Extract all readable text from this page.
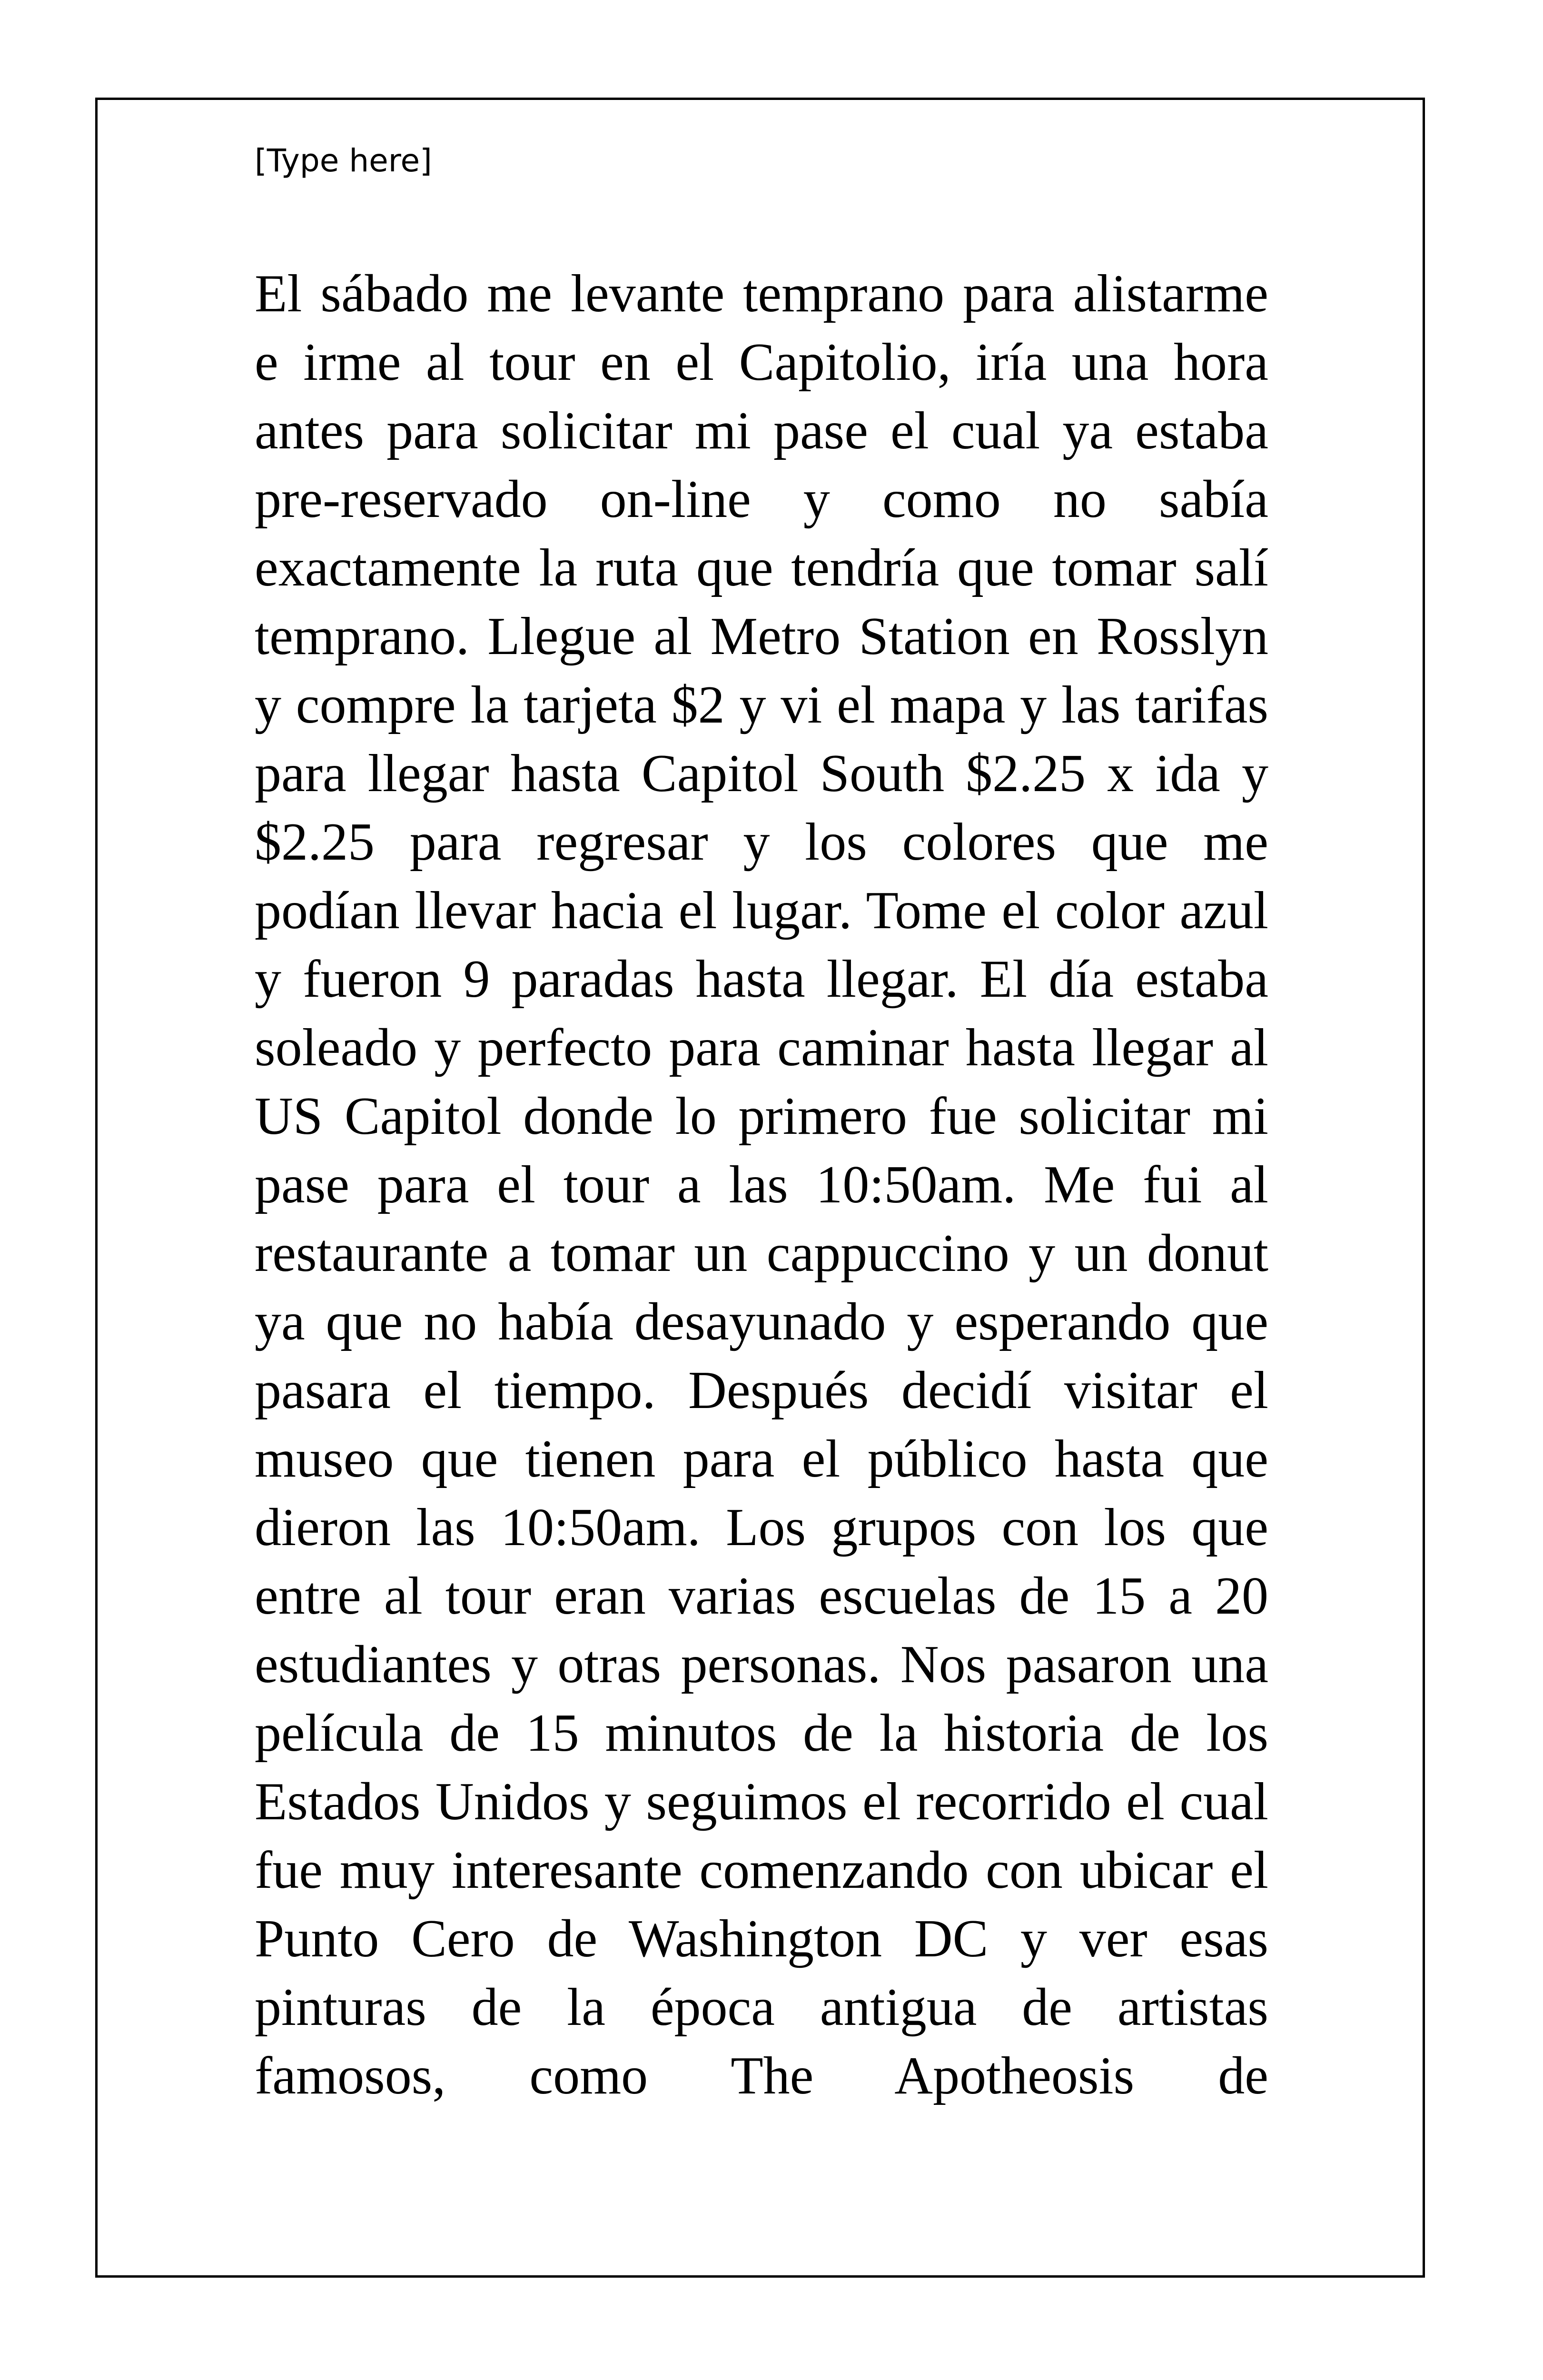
[Type here]

El sábado me levante temprano para alistarme e irme al tour en el Capitolio, iría una hora antes para solicitar mi pase el cual ya estaba pre-reservado on-line y como no sabía exactamente la ruta que tendría que tomar salí temprano. Llegue al Metro Station en Rosslyn y compre la tarjeta $2 y vi el mapa y las tarifas para llegar hasta Capitol South $2.25 x ida y $2.25 para regresar y los colores que me podían llevar hacia el lugar. Tome el color azul y fueron 9 paradas hasta llegar. El día estaba soleado y perfecto para caminar hasta llegar al US Capitol donde lo primero fue solicitar mi pase para el tour a las 10:50am. Me fui al restaurante a tomar un cappuccino y un donut ya que no había desayunado y esperando que pasara el tiempo. Después decidí visitar el museo que tienen para el público hasta que dieron las 10:50am. Los grupos con los que entre al tour eran varias escuelas de 15 a 20 estudiantes y otras personas. Nos pasaron una película de 15 minutos de la historia de los Estados Unidos y seguimos el recorrido el cual fue muy interesante comenzando con ubicar el Punto Cero de Washington DC y ver esas pinturas de la época antigua de artistas famosos, como The Apotheosis de
